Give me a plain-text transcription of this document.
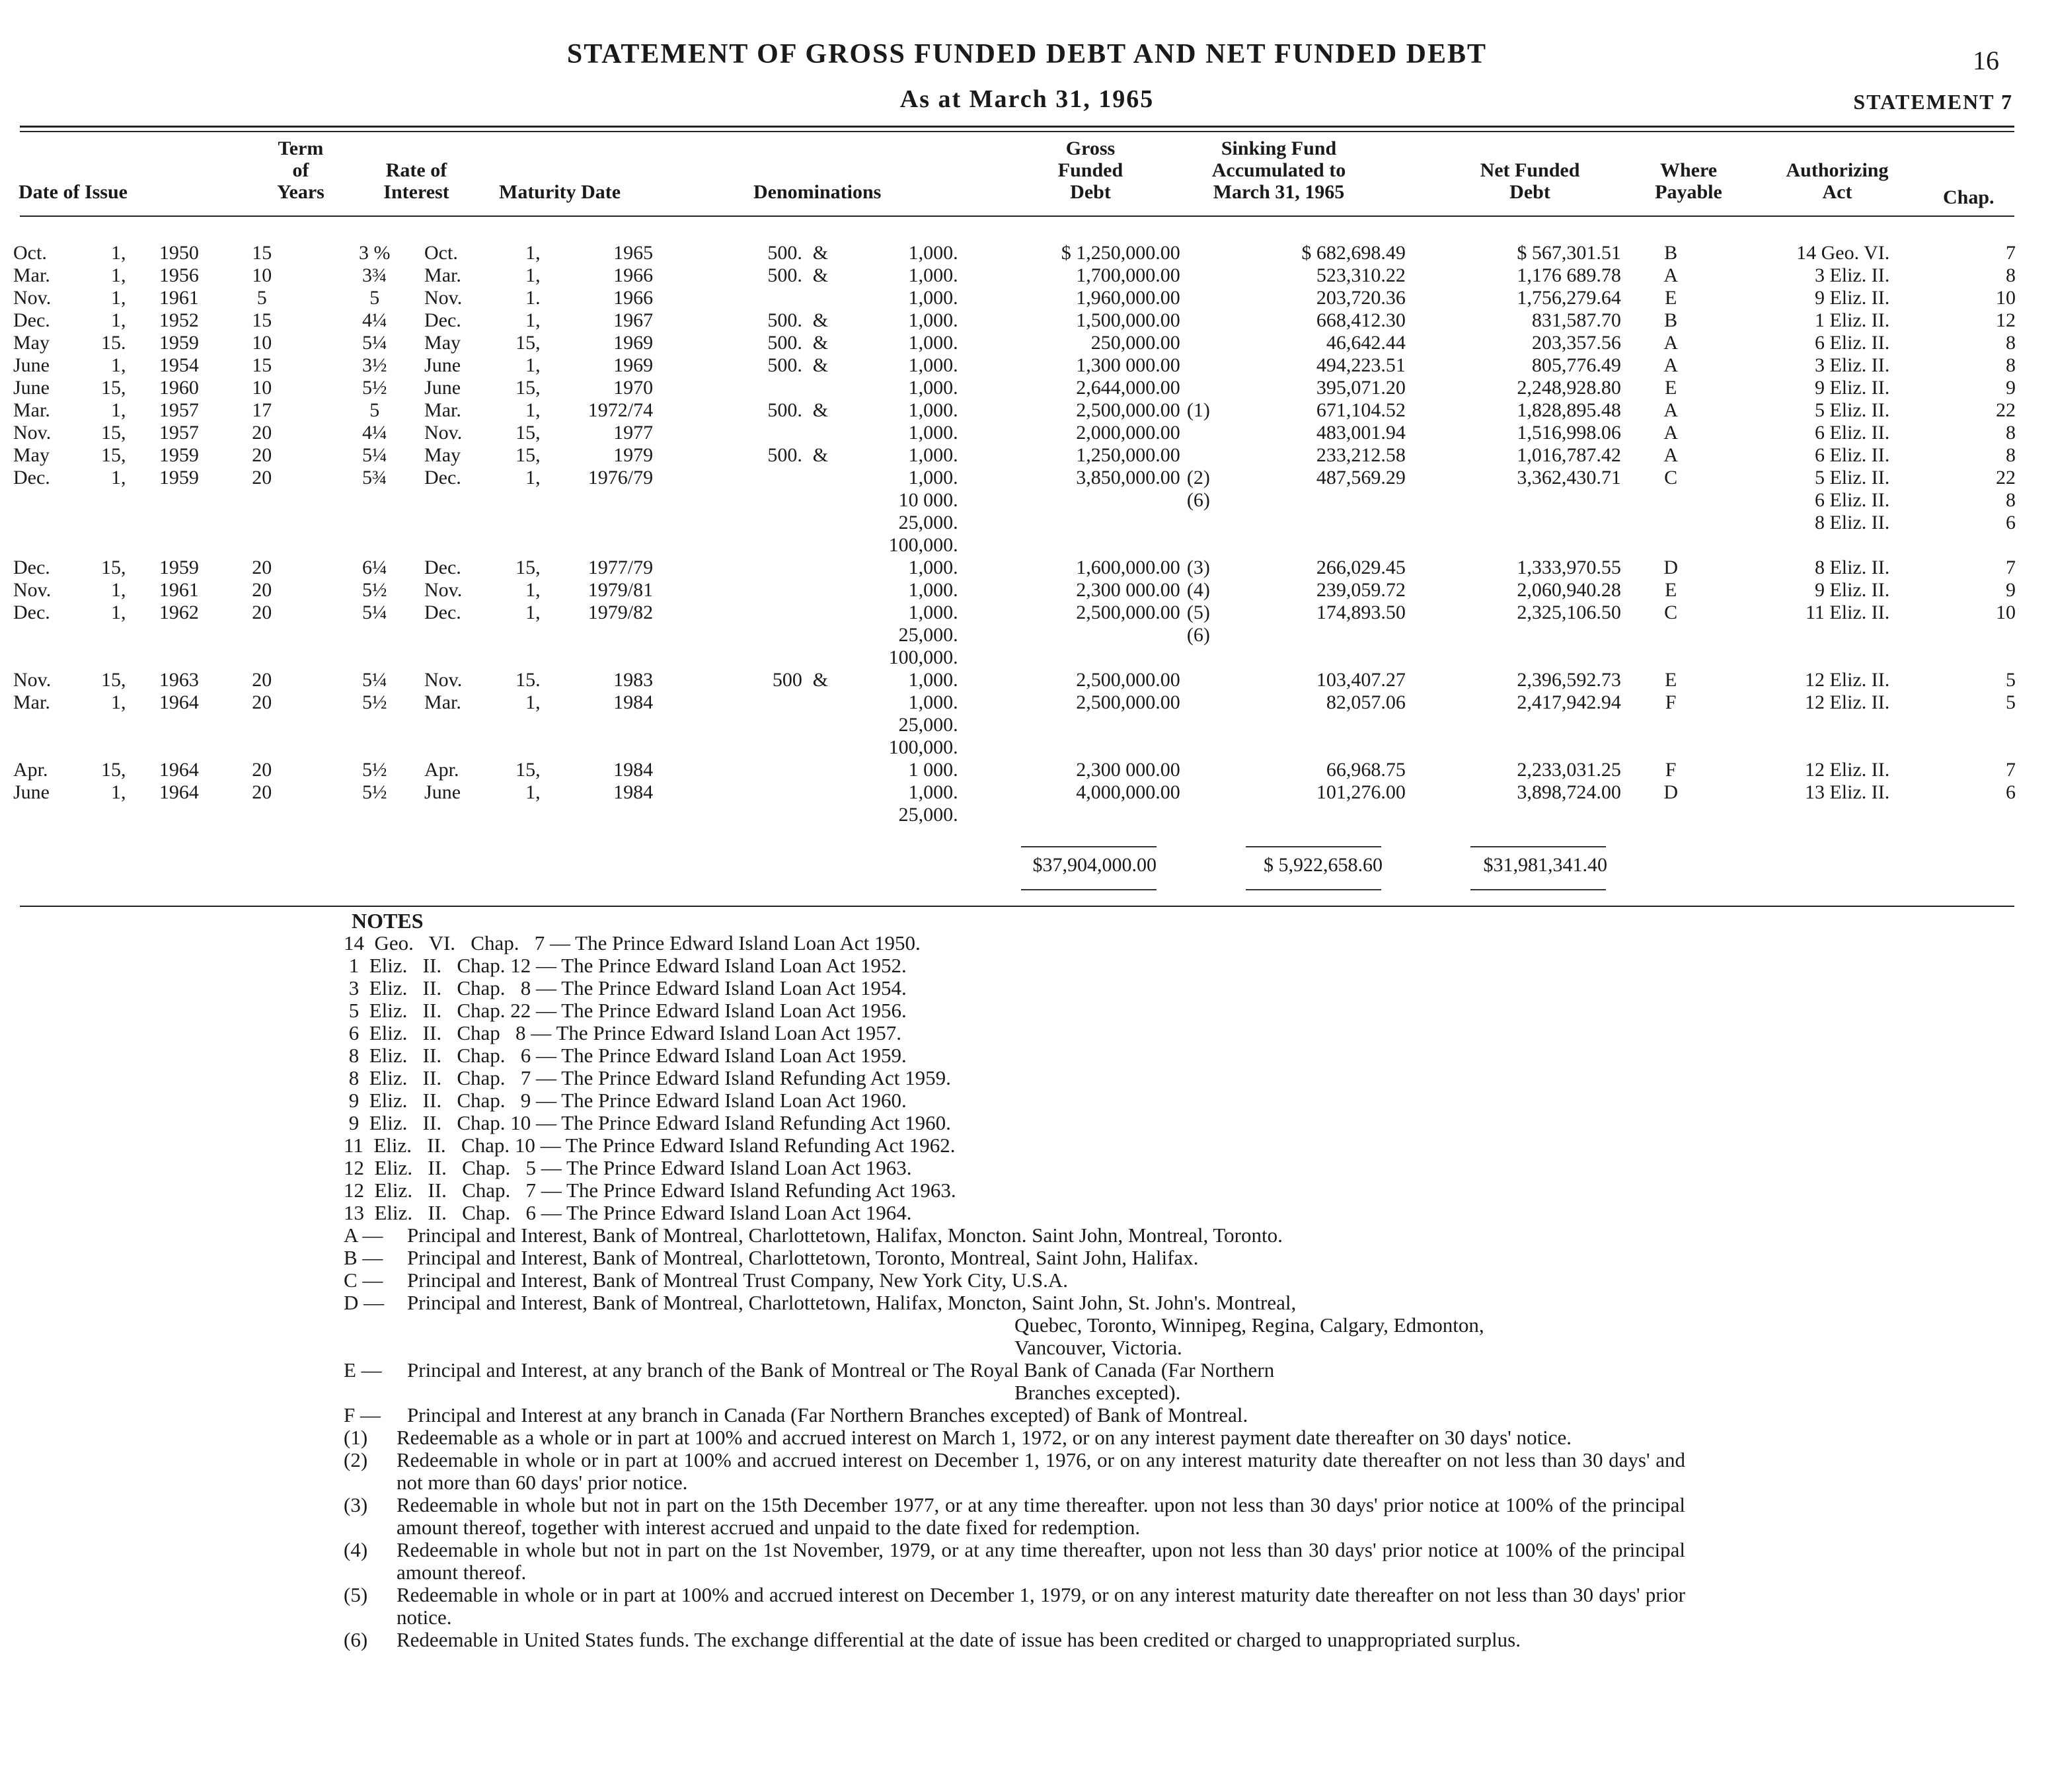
STATEMENT OF GROSS FUNDED DEBT AND NET FUNDED DEBT
As at March 31, 1965
16
STATEMENT 7
Date of Issue
Term
of
Years
Rate of
Interest	Maturity Date	Denominations
Gross
Funded
Debt
Sinking Fund
Accumulated to
March 31, 1965
Net Funded
Debt
Where
Payable
Authorizing
Act	Chap.
Oct.	1,	1950	15	3 %	Oct.	1,	1965	500.	&	1,000.	$ 1,250,000.00		$ 682,698.49	$ 567,301.51	B	14 Geo. VI.	7
Mar.	1,	1956	10	3¾	Mar.	1,	1966	500.	&	1,000.	1,700,000.00		523,310.22	1,176 689.78	A	3 Eliz. II.	8
Nov.	1,	1961	5	5	Nov.	1.	1966			1,000.	1,960,000.00		203,720.36	1,756,279.64	E	9 Eliz. II.	10
Dec.	1,	1952	15	4¼	Dec.	1,	1967	500.	&	1,000.	1,500,000.00		668,412.30	831,587.70	B	1 Eliz. II.	12
May	15.	1959	10	5¼	May	15,	1969	500.	&	1,000.	250,000.00		46,642.44	203,357.56	A	6 Eliz. II.	8
June	1,	1954	15	3½	June	1,	1969	500.	&	1,000.	1,300 000.00		494,223.51	805,776.49	A	3 Eliz. II.	8
June	15,	1960	10	5½	June	15,	1970			1,000.	2,644,000.00		395,071.20	2,248,928.80	E	9 Eliz. II.	9
Mar.	1,	1957	17	5	Mar.	1,	1972/74	500.	&	1,000.	2,500,000.00	(1)	671,104.52	1,828,895.48	A	5 Eliz. II.	22
Nov.	15,	1957	20	4¼	Nov.	15,	1977			1,000.	2,000,000.00		483,001.94	1,516,998.06	A	6 Eliz. II.	8
May	15,	1959	20	5¼	May	15,	1979	500.	&	1,000.	1,250,000.00		233,212.58	1,016,787.42	A	6 Eliz. II.	8
Dec.	1,	1959	20	5¾	Dec.	1,	1976/79			1,000.	3,850,000.00	(2)	487,569.29	3,362,430.71	C	5 Eliz. II.	22
										10 000.		(6)				6 Eliz. II.	8
										25,000.						8 Eliz. II.	6
										100,000.							
Dec.	15,	1959	20	6¼	Dec.	15,	1977/79			1,000.	1,600,000.00	(3)	266,029.45	1,333,970.55	D	8 Eliz. II.	7
Nov.	1,	1961	20	5½	Nov.	1,	1979/81			1,000.	2,300 000.00	(4)	239,059.72	2,060,940.28	E	9 Eliz. II.	9
Dec.	1,	1962	20	5¼	Dec.	1,	1979/82			1,000.	2,500,000.00	(5)	174,893.50	2,325,106.50	C	11 Eliz. II.	10
										25,000.		(6)					
										100,000.							
Nov.	15,	1963	20	5¼	Nov.	15.	1983	500	&	1,000.	2,500,000.00		103,407.27	2,396,592.73	E	12 Eliz. II.	5
Mar.	1,	1964	20	5½	Mar.	1,	1984			1,000.	2,500,000.00		82,057.06	2,417,942.94	F	12 Eliz. II.	5
										25,000.							
										100,000.							
Apr.	15,	1964	20	5½	Apr.	15,	1984			1 000.	2,300 000.00		66,968.75	2,233,031.25	F	12 Eliz. II.	7
June	1,	1964	20	5½	June	1,	1984			1,000.	4,000,000.00		101,276.00	3,898,724.00	D	13 Eliz. II.	6
										25,000.							
$37,904,000.00	$ 5,922,658.60	$31,981,341.40
NOTES
14  Geo.   VI.   Chap.   7 — The Prince Edward Island Loan Act 1950.
1  Eliz.   II.   Chap. 12 — The Prince Edward Island Loan Act 1952.
3  Eliz.   II.   Chap.   8 — The Prince Edward Island Loan Act 1954.
5  Eliz.   II.   Chap. 22 — The Prince Edward Island Loan Act 1956.
6  Eliz.   II.   Chap   8 — The Prince Edward Island Loan Act 1957.
8  Eliz.   II.   Chap.   6 — The Prince Edward Island Loan Act 1959.
8  Eliz.   II.   Chap.   7 — The Prince Edward Island Refunding Act 1959.
9  Eliz.   II.   Chap.   9 — The Prince Edward Island Loan Act 1960.
9  Eliz.   II.   Chap. 10 — The Prince Edward Island Refunding Act 1960.
11  Eliz.   II.   Chap. 10 — The Prince Edward Island Refunding Act 1962.
12  Eliz.   II.   Chap.   5 — The Prince Edward Island Loan Act 1963.
12  Eliz.   II.   Chap.   7 — The Prince Edward Island Refunding Act 1963.
13  Eliz.   II.   Chap.   6 — The Prince Edward Island Loan Act 1964.
A —	Principal and Interest, Bank of Montreal, Charlottetown, Halifax, Moncton. Saint John, Montreal, Toronto.
B —	Principal and Interest, Bank of Montreal, Charlottetown, Toronto, Montreal, Saint John, Halifax.
C —	Principal and Interest, Bank of Montreal Trust Company, New York City, U.S.A.
D —	Principal and Interest, Bank of Montreal, Charlottetown, Halifax, Moncton, Saint John, St. John's. Montreal,
Quebec, Toronto, Winnipeg, Regina, Calgary, Edmonton,
Vancouver, Victoria.
E —	Principal and Interest, at any branch of the Bank of Montreal or The Royal Bank of Canada (Far Northern
Branches excepted).
F —	Principal and Interest at any branch in Canada (Far Northern Branches excepted) of Bank of Montreal.
(1)	Redeemable as a whole or in part at 100% and accrued interest on March 1, 1972, or on any interest payment date thereafter on 30 days' notice.
(2)	Redeemable in whole or in part at 100% and accrued interest on December 1, 1976, or on any interest maturity date thereafter on not less than 30 days' and not more than 60 days' prior notice.
(3)	Redeemable in whole but not in part on the 15th December 1977, or at any time thereafter. upon not less than 30 days' prior notice at 100% of the principal amount thereof, together with interest accrued and unpaid to the date fixed for redemption.
(4)	Redeemable in whole but not in part on the 1st November, 1979, or at any time thereafter, upon not less than 30 days' prior notice at 100% of the principal amount thereof.
(5)	Redeemable in whole or in part at 100% and accrued interest on December 1, 1979, or on any interest maturity date thereafter on not less than 30 days' prior notice.
(6)	Redeemable in United States funds. The exchange differential at the date of issue has been credited or charged to unappropriated surplus.
